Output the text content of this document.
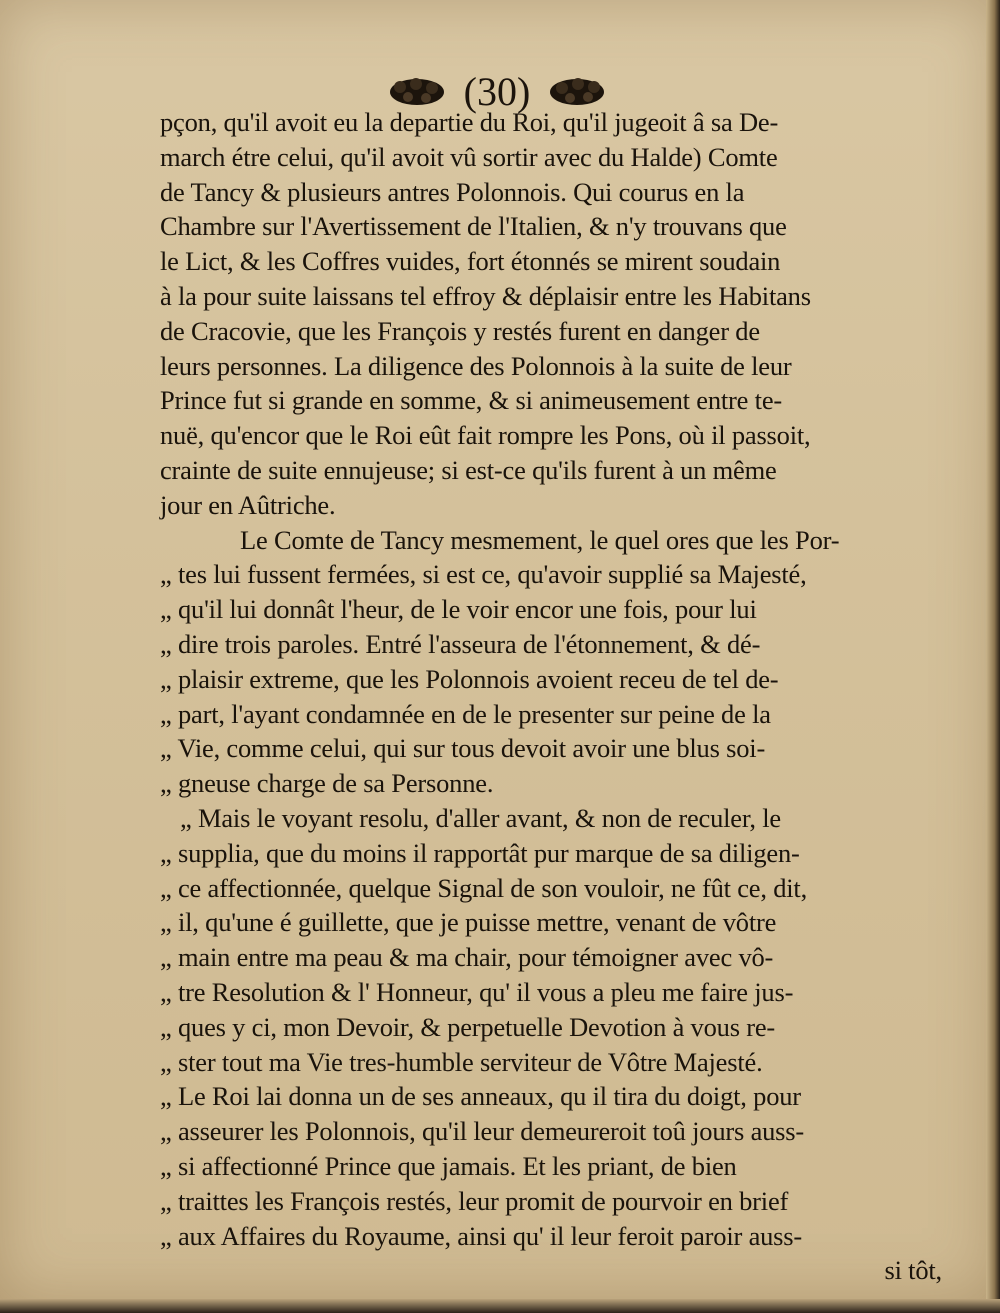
(30)
pçon, qu'il avoit eu la departie du Roi, qu'il jugeoit â sa De-
march étre celui, qu'il avoit vû sortir avec du Halde) Comte
de Tancy & plusieurs antres Polonnois. Qui courus en la
Chambre sur l'Avertissement de l'Italien, & n'y trouvans que
le Lict, & les Coffres vuides, fort étonnés se mirent soudain
à la pour suite laissans tel effroy & déplaisir entre les Habitans
de Cracovie, que les François y restés furent en danger de
leurs personnes. La diligence des Polonnois à la suite de leur
Prince fut si grande en somme, & si animeusement entre te-
nuë, qu'encor que le Roi eût fait rompre les Pons, où il passoit,
crainte de suite ennujeuse; si est-ce qu'ils furent à un même
jour en Aûtriche.
Le Comte de Tancy mesmement, le quel ores que les Por-
„ tes lui fussent fermées, si est ce, qu'avoir supplié sa Majesté,
„ qu'il lui donnât l'heur, de le voir encor une fois, pour lui
„ dire trois paroles. Entré l'asseura de l'étonnement, & dé-
„ plaisir extreme, que les Polonnois avoient receu de tel de-
„ part, l'ayant condamnée en de le presenter sur peine de la
„ Vie, comme celui, qui sur tous devoit avoir une blus soi-
„ gneuse charge de sa Personne.
„ Mais le voyant resolu, d'aller avant, & non de reculer, le
„ supplia, que du moins il rapportât pur marque de sa diligen-
„ ce affectionnée, quelque Signal de son vouloir, ne fût ce, dit,
„ il, qu'une é guillette, que je puisse mettre, venant de vôtre
„ main entre ma peau & ma chair, pour témoigner avec vô-
„ tre Resolution & l' Honneur, qu' il vous a pleu me faire jus-
„ ques y ci, mon Devoir, & perpetuelle Devotion à vous re-
„ ster tout ma Vie tres-humble serviteur de Vôtre Majesté.
„ Le Roi lai donna un de ses anneaux, qu il tira du doigt, pour
„ asseurer les Polonnois, qu'il leur demeureroit toû jours auss-
„ si affectionné Prince que jamais. Et les priant, de bien
„ traittes les François restés, leur promit de pourvoir en brief
„ aux Affaires du Royaume, ainsi qu' il leur feroit paroir auss-
si tôt,
